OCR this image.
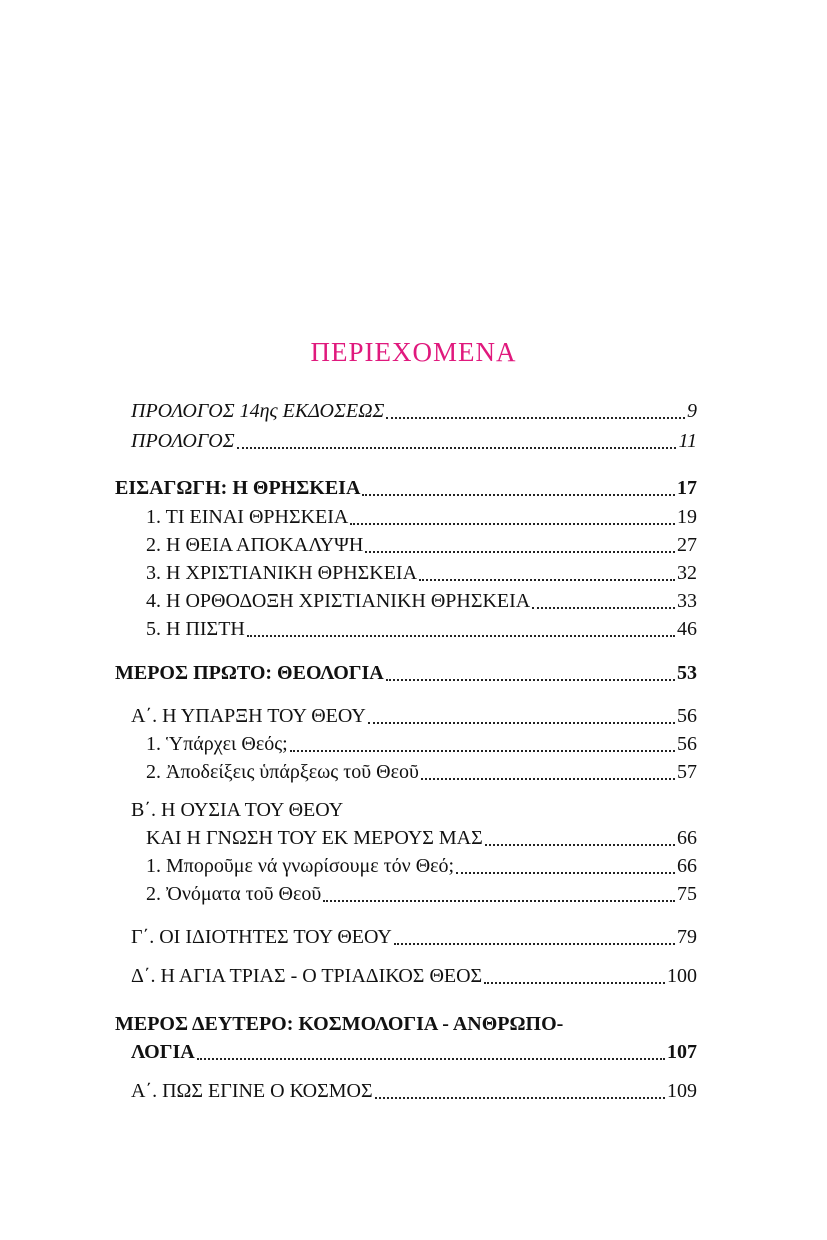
ΠΕΡΙΕΧΟΜΕΝΑ
ΠΡΟΛΟΓΟΣ 14ης ΕΚΔΟΣΕΩΣ	9
ΠΡΟΛΟΓΟΣ	11
ΕΙΣΑΓΩΓΗ: Η ΘΡΗΣΚΕΙΑ	17
1. ΤΙ ΕΙΝΑΙ ΘΡΗΣΚΕΙΑ	19
2. Η ΘΕΙΑ ΑΠΟΚΑΛΥΨΗ	27
3. Η ΧΡΙΣΤΙΑΝΙΚΗ ΘΡΗΣΚΕΙΑ	32
4. Η ΟΡΘΟΔΟΞΗ ΧΡΙΣΤΙΑΝΙΚΗ ΘΡΗΣΚΕΙΑ	33
5. Η ΠΙΣΤΗ	46
ΜΕΡΟΣ ΠΡΩΤΟ: ΘΕΟΛΟΓΙΑ	53
Α΄. Η ΥΠΑΡΞΗ ΤΟΥ ΘΕΟΥ	56
1. Ὑπάρχει Θεός;	56
2. Ἀποδείξεις ὑπάρξεως τοῦ Θεοῦ	57
Β΄. Η ΟΥΣΙΑ ΤΟΥ ΘΕΟΥ
ΚΑΙ Η ΓΝΩΣΗ ΤΟΥ ΕΚ ΜΕΡΟΥΣ ΜΑΣ	66
1. Μποροῦμε νά γνωρίσουμε τόν Θεό;	66
2. Ὀνόματα τοῦ Θεοῦ	75
Γ΄. ΟΙ ΙΔΙΟΤΗΤΕΣ ΤΟΥ ΘΕΟΥ	79
Δ΄. Η ΑΓΙΑ ΤΡΙΑΣ - Ο ΤΡΙΑΔΙΚΟΣ ΘΕΟΣ	100
ΜΕΡΟΣ ΔΕΥΤΕΡΟ: ΚΟΣΜΟΛΟΓΙΑ - ΑΝΘΡΩΠΟ-
ΛΟΓΙΑ	107
Α΄. ΠΩΣ ΕΓΙΝΕ Ο ΚΟΣΜΟΣ	109
